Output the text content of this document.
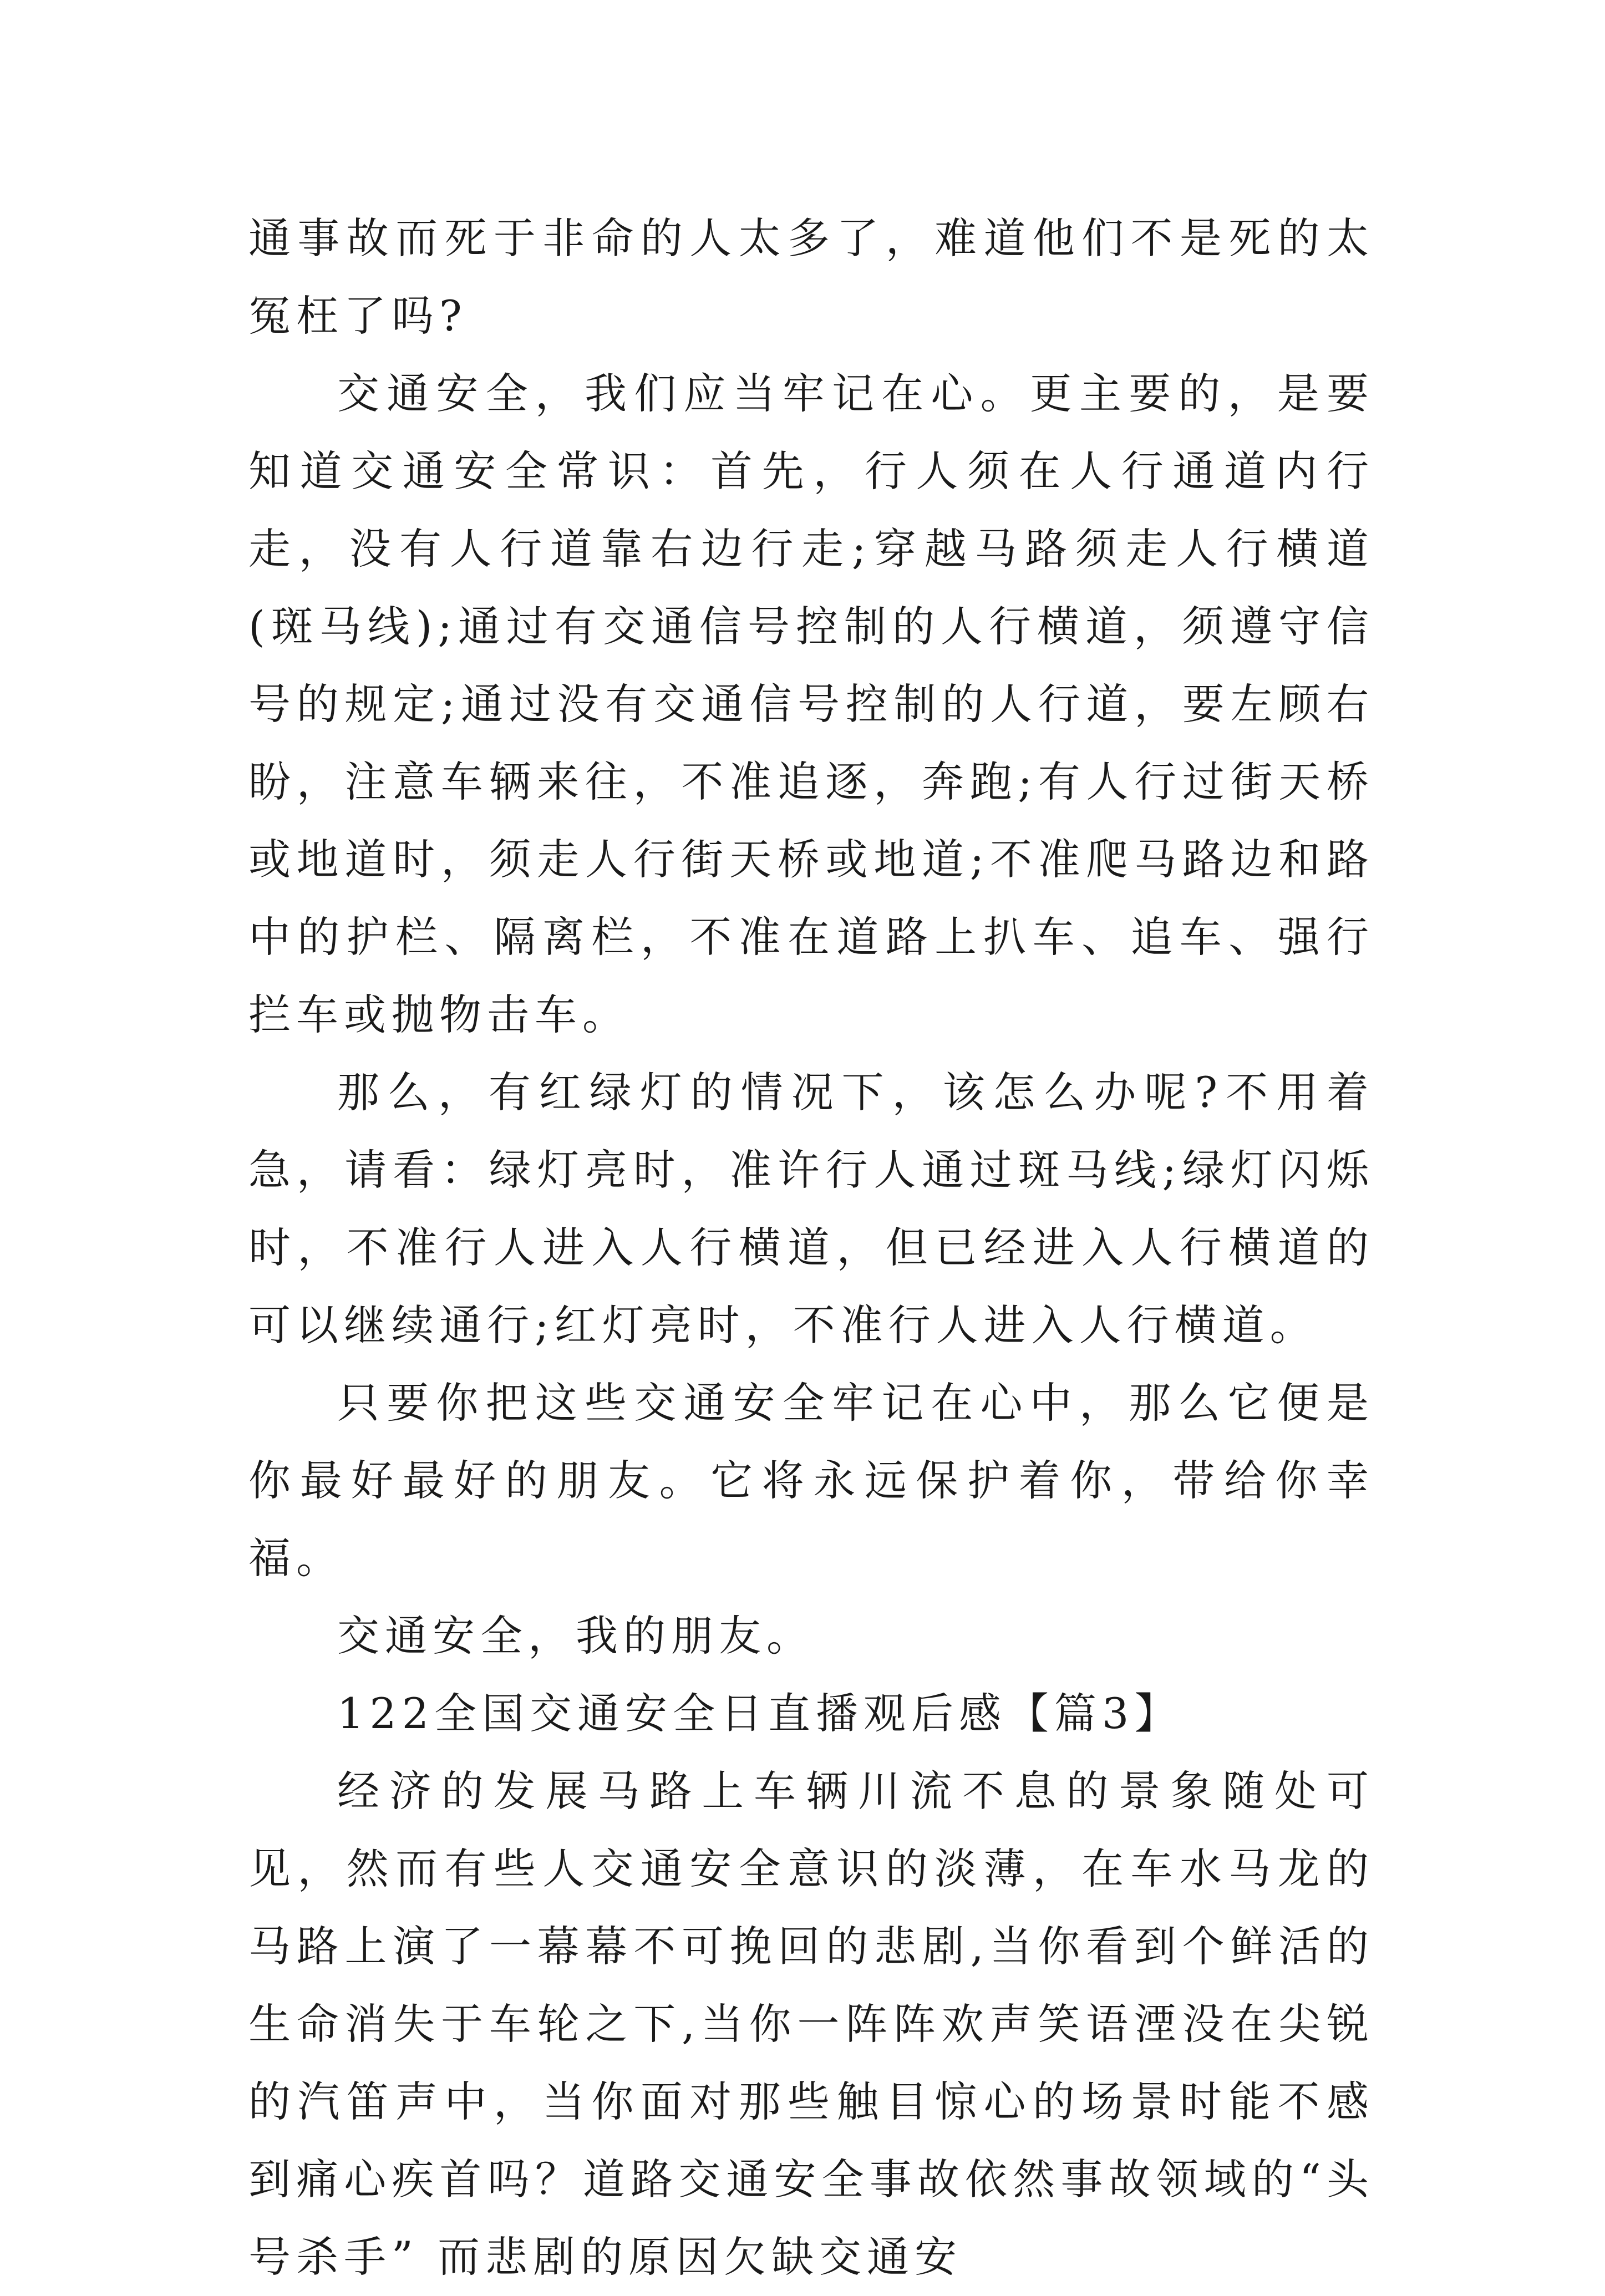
通事故而死于非命的人太多了，难道他们不是死的太冤枉了吗?

交通安全，我们应当牢记在心。更主要的，是要知道交通安全常识：首先，行人须在人行通道内行走，没有人行道靠右边行走;穿越马路须走人行横道(斑马线);通过有交通信号控制的人行横道，须遵守信号的规定;通过没有交通信号控制的人行道，要左顾右盼，注意车辆来往，不准追逐，奔跑;有人行过街天桥或地道时，须走人行街天桥或地道;不准爬马路边和路中的护栏、隔离栏，不准在道路上扒车、追车、强行拦车或抛物击车。

那么，有红绿灯的情况下，该怎么办呢?不用着急，请看：绿灯亮时，准许行人通过斑马线;绿灯闪烁时，不准行人进入人行横道，但已经进入人行横道的可以继续通行;红灯亮时，不准行人进入人行横道。

只要你把这些交通安全牢记在心中，那么它便是你最好最好的朋友。它将永远保护着你，带给你幸福。

交通安全，我的朋友。

122全国交通安全日直播观后感【篇3】

经济的发展马路上车辆川流不息的景象随处可见，然而有些人交通安全意识的淡薄，在车水马龙的马路上演了一幕幕不可挽回的悲剧,当你看到个鲜活的生命消失于车轮之下,当你一阵阵欢声笑语湮没在尖锐的汽笛声中，当你面对那些触目惊心的场景时能不感到痛心疾首吗？道路交通安全事故依然事故领域的“头号杀手” 而悲剧的原因欠缺交通安
